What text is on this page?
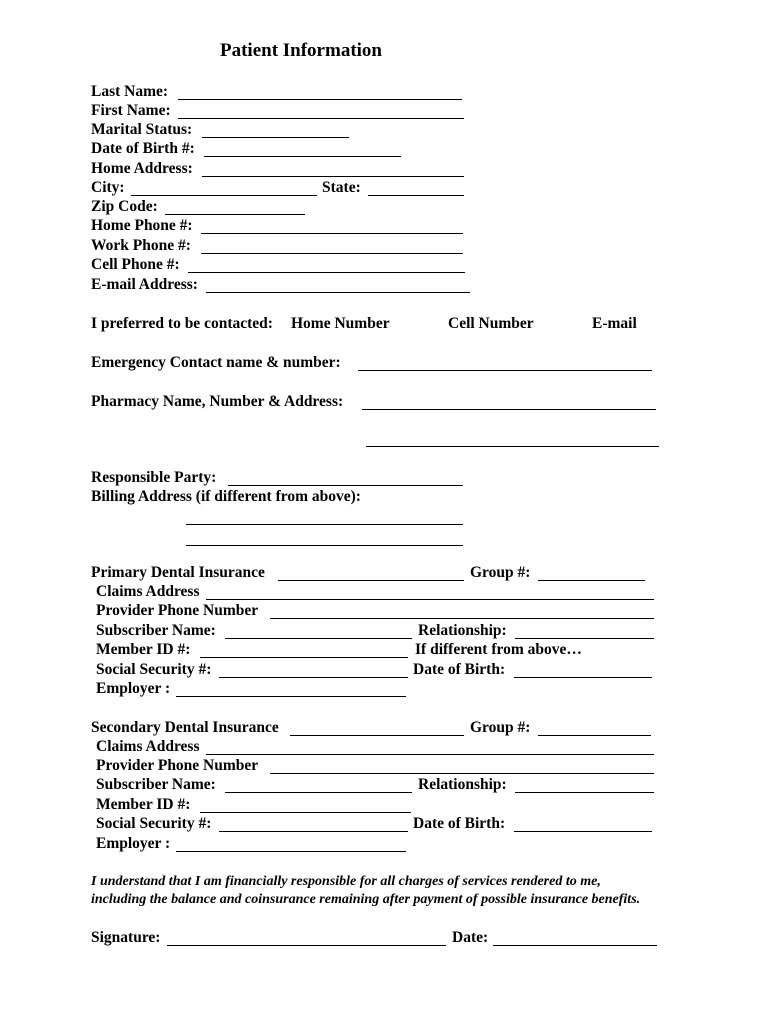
Patient Information
Last Name:
First Name:
Marital Status:
Date of Birth #:
Home Address:
City:	State:
Zip Code:
Home Phone #:
Work Phone #:
Cell Phone #:
E-mail Address:
I preferred to be contacted: Home Number	Cell Number	E-mail
Emergency Contact name & number:
Pharmacy Name, Number & Address:
Responsible Party:
Billing Address (if different from above):
Primary Dental Insurance	Group #:
Claims Address
Provider Phone Number
Subscriber Name:	Relationship:
Member ID #:	If different from above…
Social Security #:	Date of Birth:
Employer :
Secondary Dental Insurance	Group #:
Claims Address
Provider Phone Number
Subscriber Name:	Relationship:
Member ID #:
Social Security #:	Date of Birth:
Employer :
I understand that I am financially responsible for all charges of services rendered to me,
including the balance and coinsurance remaining after payment of possible insurance benefits.
Signature:	Date:
